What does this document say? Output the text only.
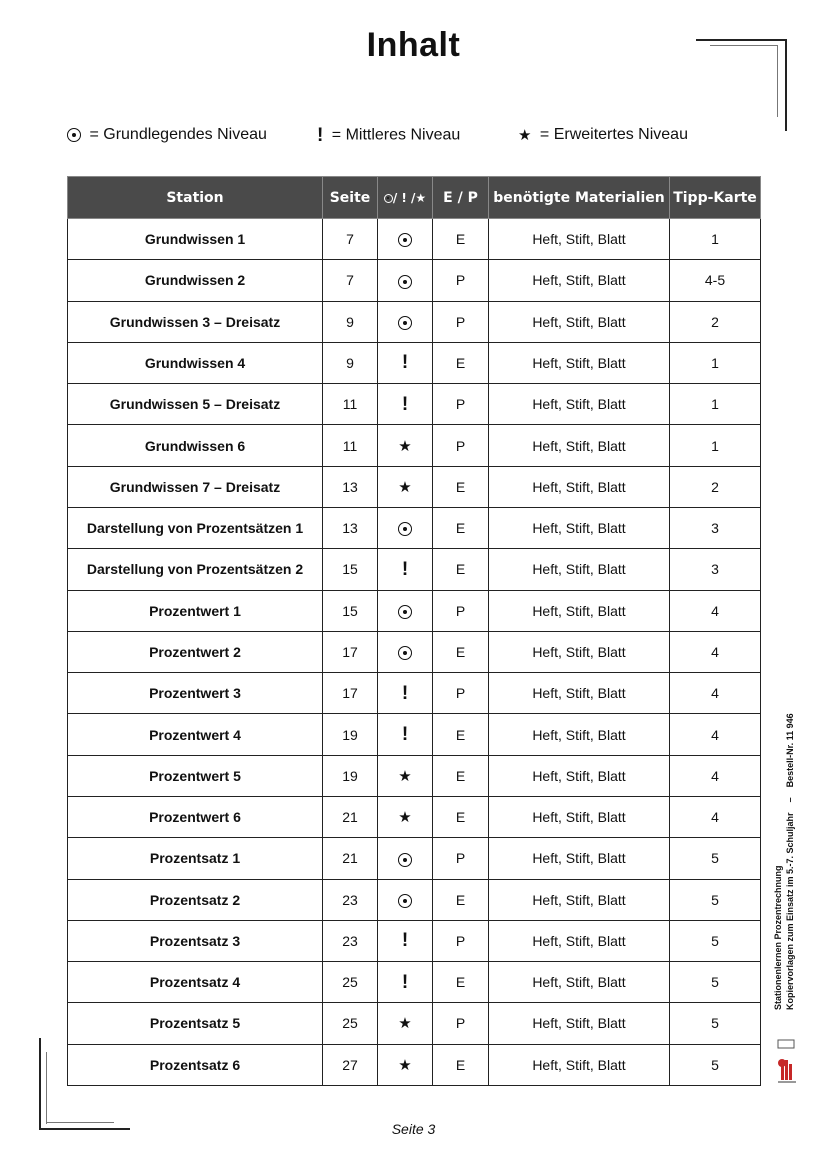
Inhalt
= Grundlegendes Niveau	! = Mittleres Niveau	★ = Erweitertes Niveau
Station	Seite	/ ! /★	E / P	benötigte Materialien	Tipp-Karte
Grundwissen 1	7		E	Heft, Stift, Blatt	1
Grundwissen 2	7		P	Heft, Stift, Blatt	4-5
Grundwissen 3 – Dreisatz	9		P	Heft, Stift, Blatt	2
Grundwissen 4	9	!	E	Heft, Stift, Blatt	1
Grundwissen 5 – Dreisatz	11	!	P	Heft, Stift, Blatt	1
Grundwissen 6	11	★	P	Heft, Stift, Blatt	1
Grundwissen 7 – Dreisatz	13	★	E	Heft, Stift, Blatt	2
Darstellung von Prozentsätzen 1	13		E	Heft, Stift, Blatt	3
Darstellung von Prozentsätzen 2	15	!	E	Heft, Stift, Blatt	3
Prozentwert 1	15		P	Heft, Stift, Blatt	4
Prozentwert 2	17		E	Heft, Stift, Blatt	4
Prozentwert 3	17	!	P	Heft, Stift, Blatt	4
Prozentwert 4	19	!	E	Heft, Stift, Blatt	4
Prozentwert 5	19	★	E	Heft, Stift, Blatt	4
Prozentwert 6	21	★	E	Heft, Stift, Blatt	4
Prozentsatz 1	21		P	Heft, Stift, Blatt	5
Prozentsatz 2	23		E	Heft, Stift, Blatt	5
Prozentsatz 3	23	!	P	Heft, Stift, Blatt	5
Prozentsatz 4	25	!	E	Heft, Stift, Blatt	5
Prozentsatz 5	25	★	P	Heft, Stift, Blatt	5
Prozentsatz 6	27	★	E	Heft, Stift, Blatt	5
Stationenlernen Prozentrechnung Kopiervorlagen zum Einsatz im 5.-7. Schuljahr    –    Bestell-Nr. 11 946
Seite 3
